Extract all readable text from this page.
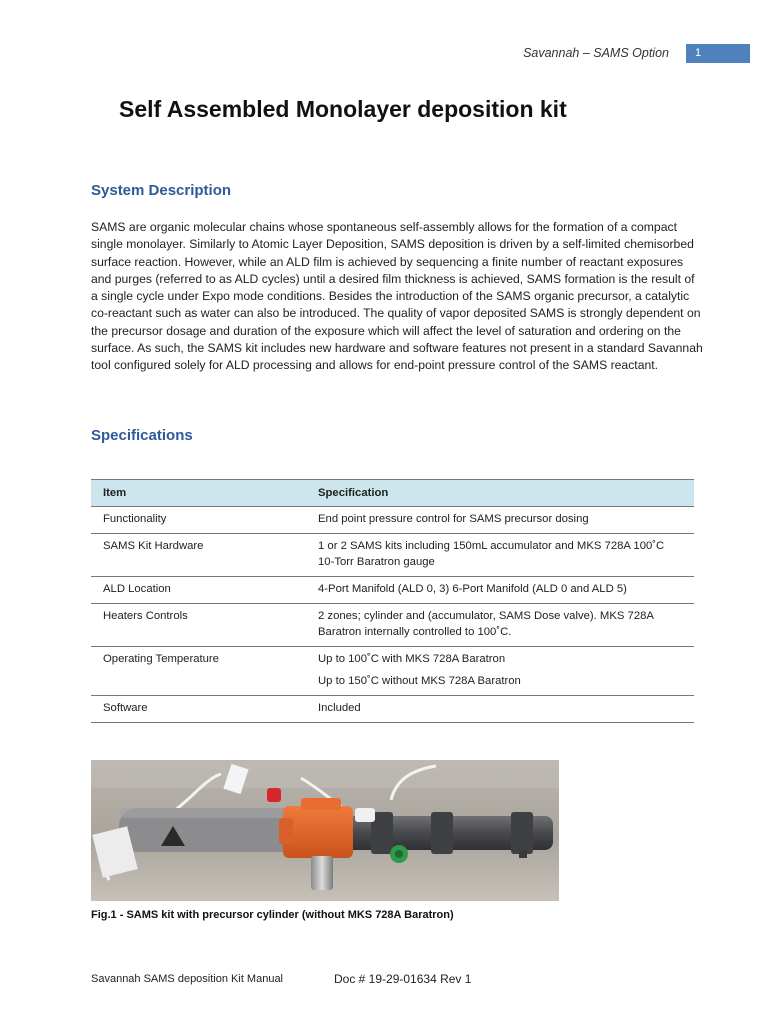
Savannah – SAMS Option	1
Self Assembled Monolayer deposition kit
System Description

SAMS are organic molecular chains whose spontaneous self-assembly allows for the formation of a compact single monolayer. Similarly to Atomic Layer Deposition, SAMS deposition is driven by a self-limited chemisorbed surface reaction. However, while an ALD film is achieved by sequencing a finite number of reactant exposures and purges (referred to as ALD cycles) until a desired film thickness is achieved, SAMS formation is the result of a single cycle under Expo mode conditions. Besides the introduction of the SAMS organic precursor, a catalytic co-reactant such as water can also be introduced. The quality of vapor deposited SAMS is strongly dependent on the precursor dosage and duration of the exposure which will affect the level of saturation and ordering on the surface. As such, the SAMS kit includes new hardware and software features not present in a standard Savannah tool configured solely for ALD processing and allows for end-point pressure control of the SAMS reactant.

Specifications
Item	Specification
Functionality	End point pressure control for SAMS precursor dosing
SAMS Kit Hardware	1 or 2 SAMS kits including 150mL accumulator and MKS 728A 100˚C 10-Torr Baratron gauge
ALD Location	4-Port Manifold (ALD 0, 3) 6-Port Manifold (ALD 0 and ALD 5)
Heaters Controls	2 zones; cylinder and (accumulator, SAMS Dose valve). MKS 728A Baratron internally controlled to 100˚C.
Operating Temperature	Up to 100˚C with MKS 728A Baratron
Up to 150˚C without MKS 728A Baratron

Software	Included
Fig.1 - SAMS kit with precursor cylinder (without MKS 728A Baratron)
Savannah SAMS deposition Kit Manual	Doc # 19-29-01634 Rev 1
